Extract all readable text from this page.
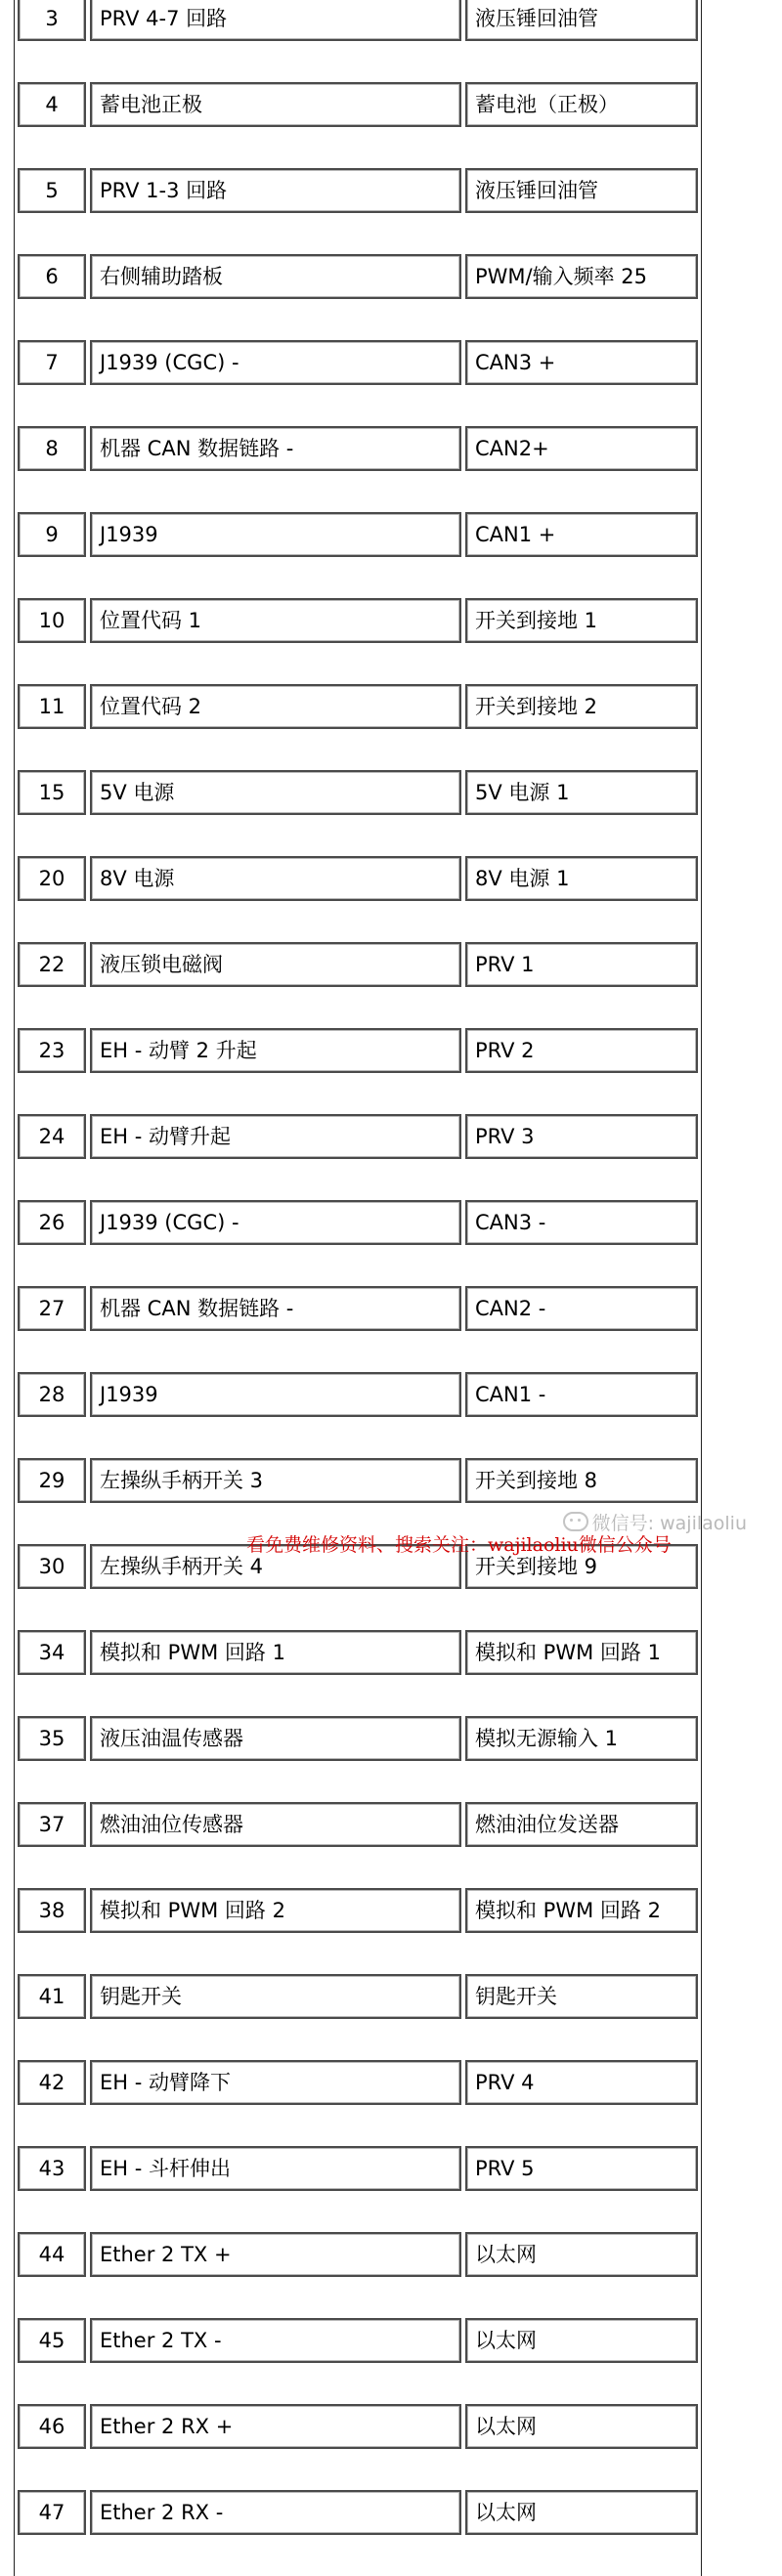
	3		PRV 4-7 回路		液压锤回油管	

	4		蓄电池正极		蓄电池（正极）	

	5		PRV 1-3 回路		液压锤回油管	

	6		右侧辅助踏板		PWM/输入频率 25	

	7		J1939 (CGC) -		CAN3 +	

	8		机器 CAN 数据链路 -		CAN2+	

	9		J1939		CAN1 +	

	10		位置代码 1		开关到接地 1	

	11		位置代码 2		开关到接地 2	

	15		5V 电源		5V 电源 1	

	20		8V 电源		8V 电源 1	

	22		液压锁电磁阀		PRV 1	

	23		EH - 动臂 2 升起		PRV 2	

	24		EH - 动臂升起		PRV 3	

	26		J1939 (CGC) -		CAN3 -	

	27		机器 CAN 数据链路 -		CAN2 -	

	28		J1939		CAN1 -	

	29		左操纵手柄开关 3		开关到接地 8	

	30		左操纵手柄开关 4		开关到接地 9	

	34		模拟和 PWM 回路 1		模拟和 PWM 回路 1	

	35		液压油温传感器		模拟无源输入 1	

	37		燃油油位传感器		燃油油位发送器	

	38		模拟和 PWM 回路 2		模拟和 PWM 回路 2	

	41		钥匙开关		钥匙开关	

	42		EH - 动臂降下		PRV 4	

	43		EH - 斗杆伸出		PRV 5	

	44		Ether 2 TX +		以太网	

	45		Ether 2 TX -		以太网	

	46		Ether 2 RX +		以太网	

	47		Ether 2 RX -		以太网	

微信号: wajilaoliu
看免费维修资料、搜索关注：wajilaoliu微信公众号
